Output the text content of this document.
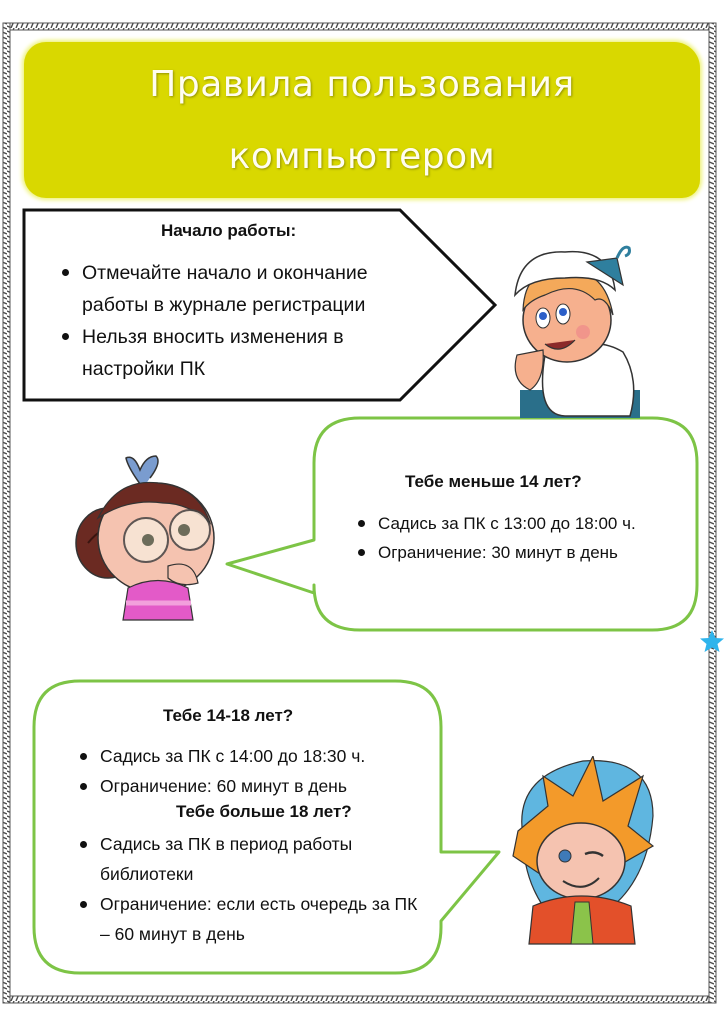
Правила пользования
компьютером
Начало работы:
Отмечайте начало и окончание работы в журнале регистрации
Нельзя вносить изменения в настройки ПК
Тебе меньше 14 лет?
Садись за ПК с 13:00 до 18:00 ч.
Ограничение: 30 минут в день
Тебе 14-18 лет?
Садись за ПК с 14:00 до 18:30 ч.
Ограничение: 60 минут в день
Тебе больше 18 лет?
Садись за ПК в период работы библиотеки
Ограничение: если есть очередь за ПК – 60 минут в день
